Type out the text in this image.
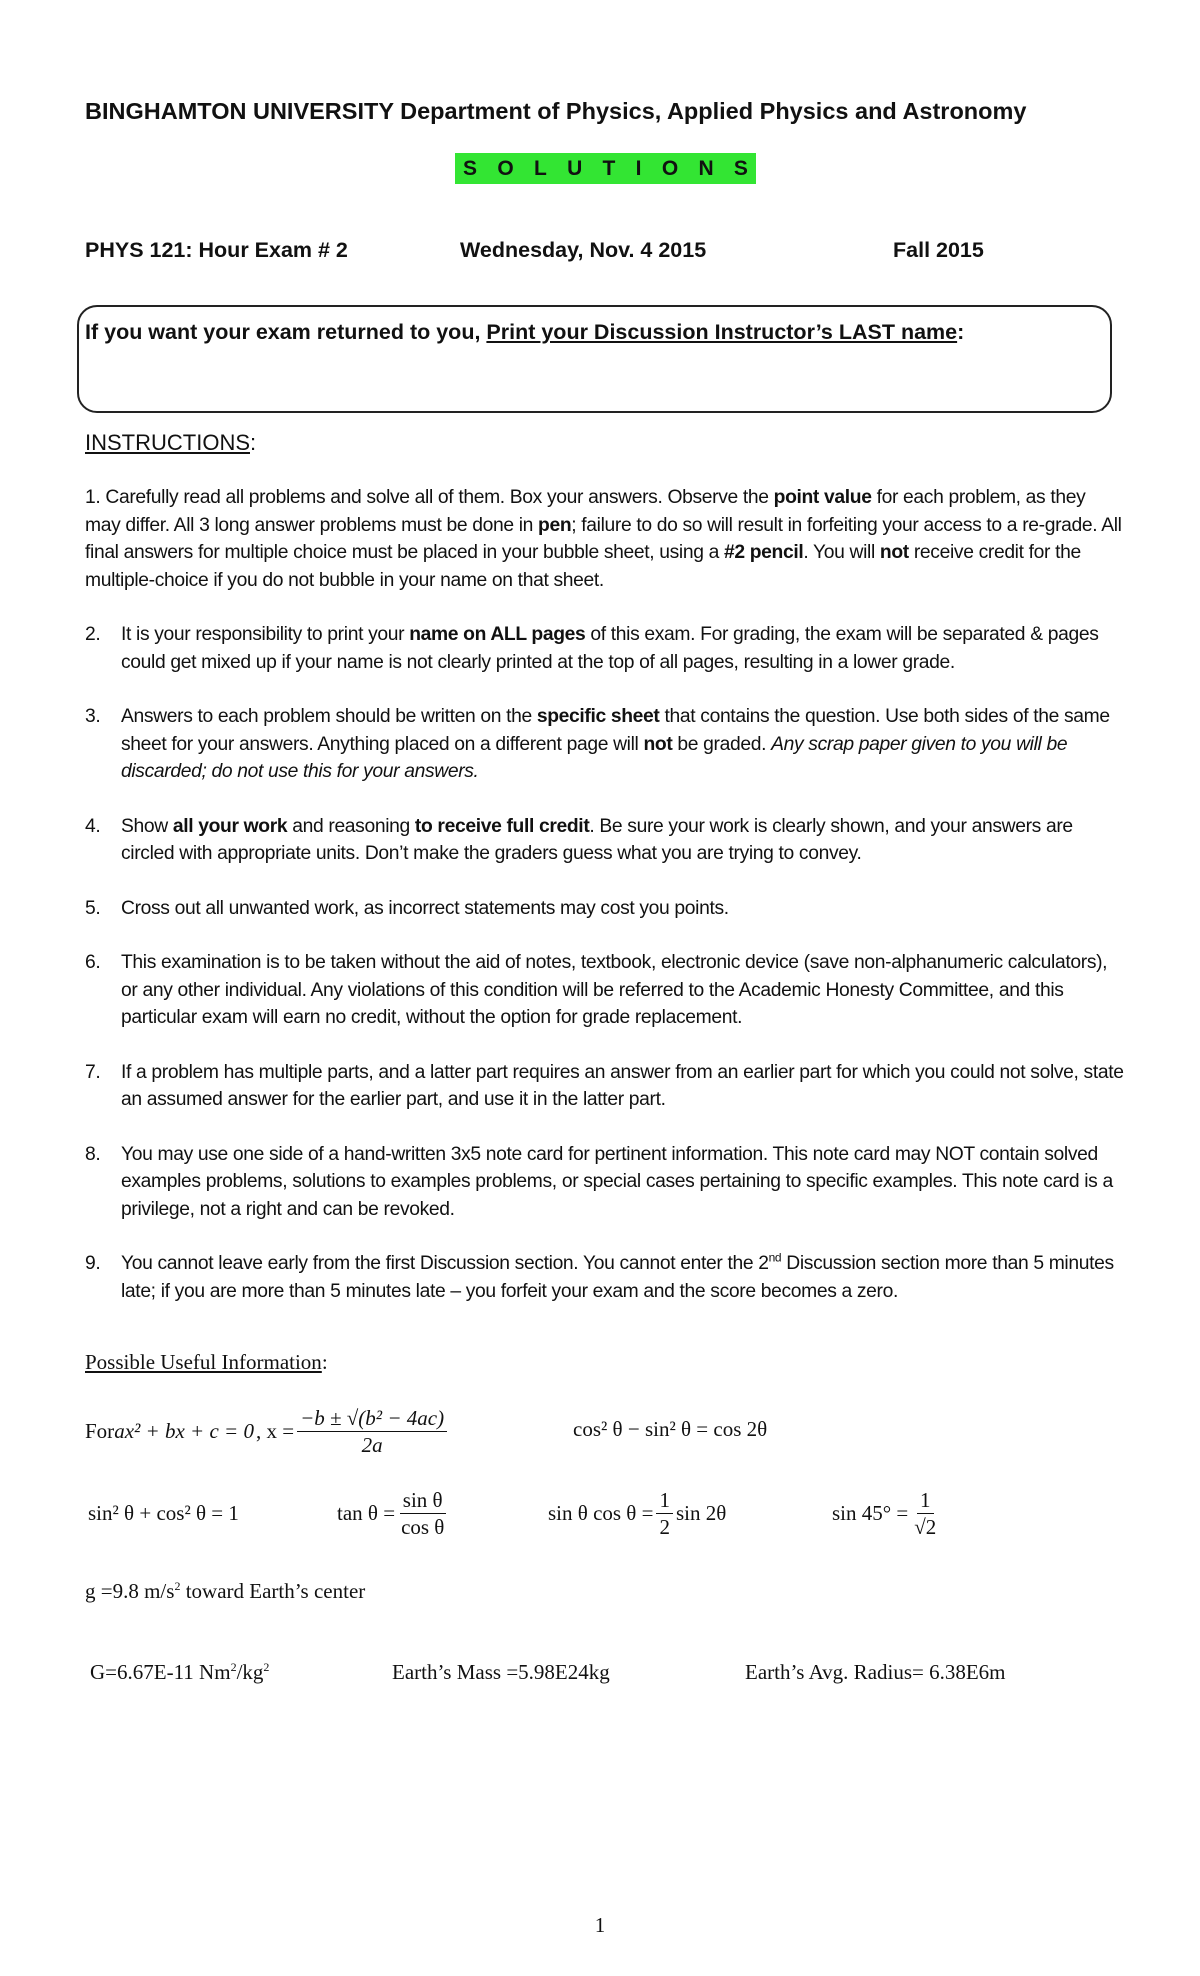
BINGHAMTON UNIVERSITY Department of Physics, Applied Physics and Astronomy
S O L U T I O N S
PHYS 121: Hour Exam # 2	Wednesday, Nov. 4 2015	Fall 2015
If you want your exam returned to you, Print your Discussion Instructor’s LAST name:
INSTRUCTIONS:

1. Carefully read all problems and solve all of them. Box your answers. Observe the point value for each problem, as they may differ. All 3 long answer problems must be done in pen; failure to do so will result in forfeiting your access to a re-grade. All final answers for multiple choice must be placed in your bubble sheet, using a #2 pencil. You will not receive credit for the multiple-choice if you do not bubble in your name on that sheet.

2. It is your responsibility to print your name on ALL pages of this exam. For grading, the exam will be separated & pages could get mixed up if your name is not clearly printed at the top of all pages, resulting in a lower grade.

3. Answers to each problem should be written on the specific sheet that contains the question. Use both sides of the same sheet for your answers. Anything placed on a different page will not be graded. Any scrap paper given to you will be discarded; do not use this for your answers.

4. Show all your work and reasoning to receive full credit. Be sure your work is clearly shown, and your answers are circled with appropriate units. Don’t make the graders guess what you are trying to convey.

5. Cross out all unwanted work, as incorrect statements may cost you points.

6. This examination is to be taken without the aid of notes, textbook, electronic device (save non-alphanumeric calculators), or any other individual. Any violations of this condition will be referred to the Academic Honesty Committee, and this particular exam will earn no credit, without the option for grade replacement.

7. If a problem has multiple parts, and a latter part requires an answer from an earlier part for which you could not solve, state an assumed answer for the earlier part, and use it in the latter part.

8. You may use one side of a hand-written 3x5 note card for pertinent information. This note card may NOT contain solved examples problems, solutions to examples problems, or special cases pertaining to specific examples. This note card is a privilege, not a right and can be revoked.

9. You cannot leave early from the first Discussion section. You cannot enter the 2nd Discussion section more than 5 minutes late; if you are more than 5 minutes late – you forfeit your exam and the score becomes a zero.

Possible Useful Information:
For ax² + bx + c = 0 , $x = \frac{\text{−b ± √(b² − 4ac)}}{2a}$	cos² θ − sin² θ = cos 2θ
sin² θ + cos² θ = 1	$\tan \theta = \frac{\text{sin θ}}{\text{cos θ}}$	sin θ $\cos \theta = \frac{1}{2}$ sin 2θ	$\sin 45^\circ = \frac{1}{√2}$
g =9.8 $m/s^2$ toward Earth’s center
G=6.67E-11 $Nm^2/kg^2$	Earth’s Mass =5.98E24kg	Earth’s Avg. Radius= 6.38E6m
1
